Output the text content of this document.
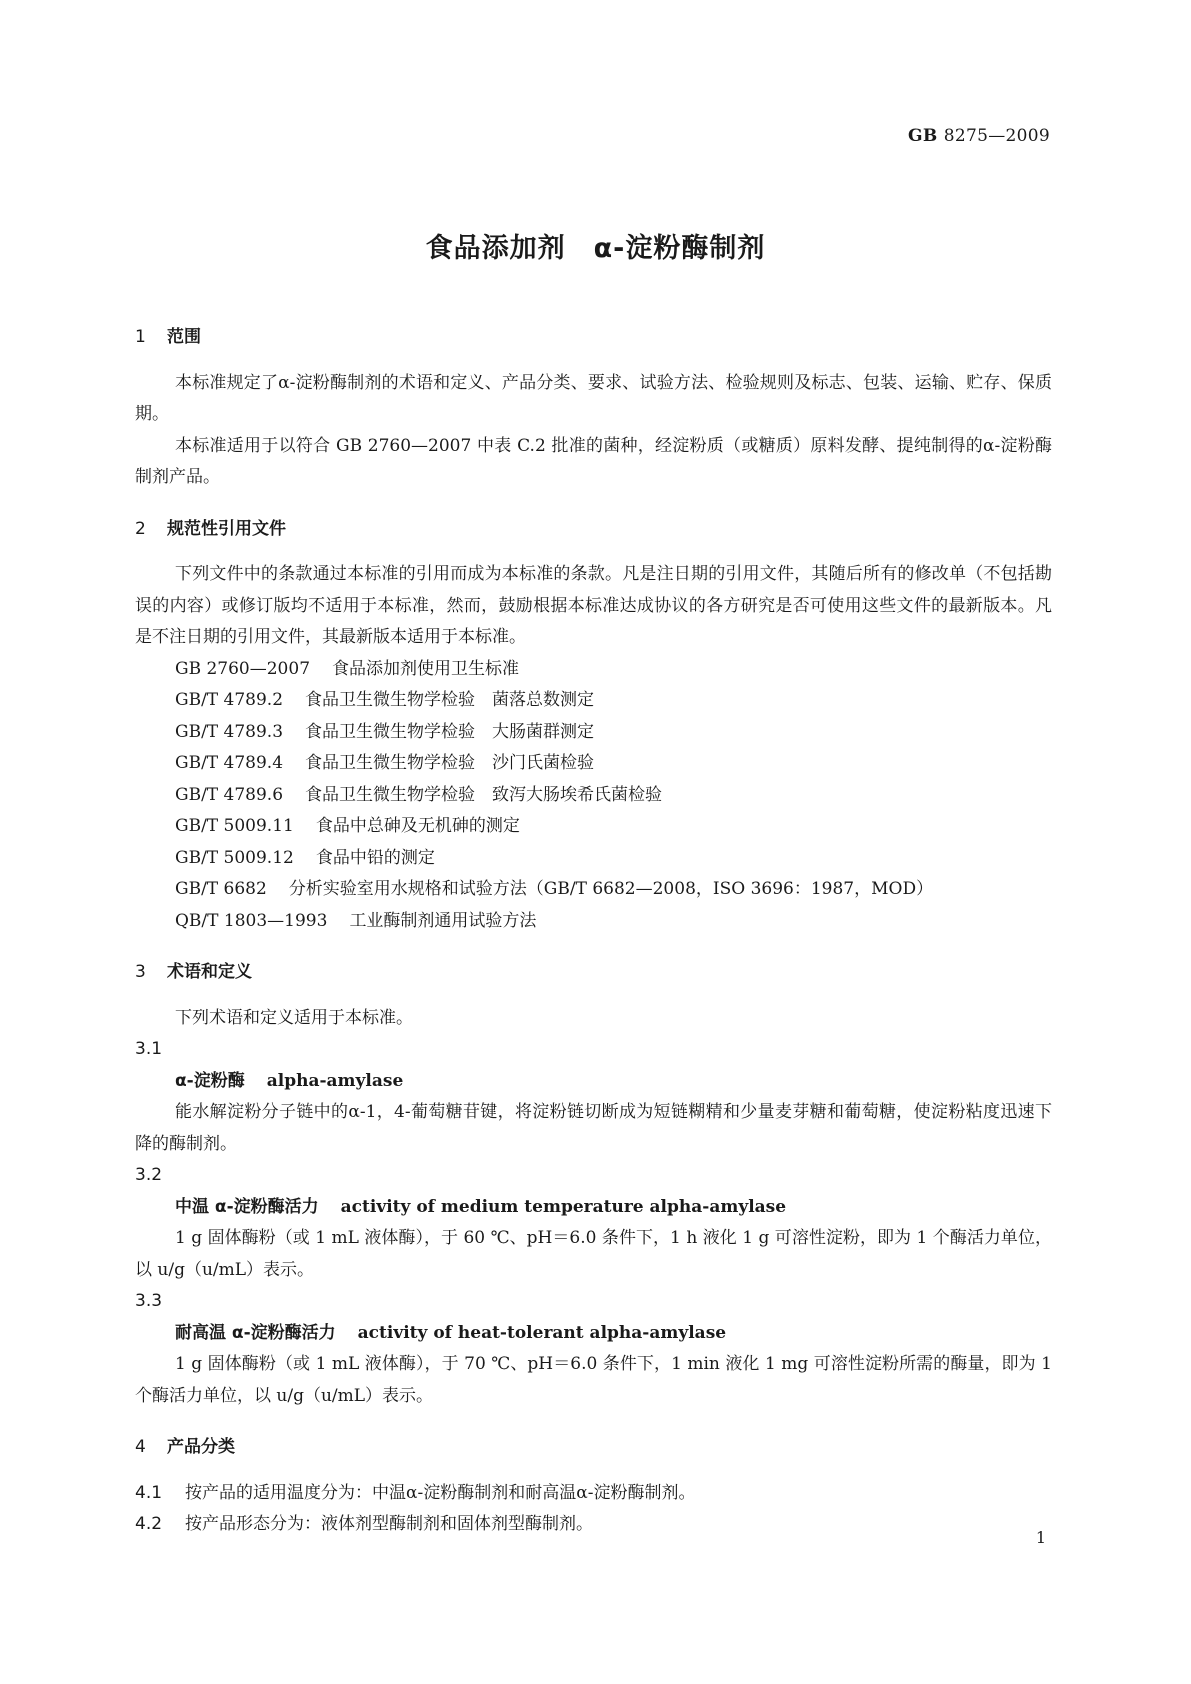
GB 8275—2009
食品添加剂　α-淀粉酶制剂
1 范围
本标准规定了α-淀粉酶制剂的术语和定义、产品分类、要求、试验方法、检验规则及标志、包装、运输、贮存、保质期。
本标准适用于以符合 GB 2760—2007 中表 C.2 批准的菌种，经淀粉质（或糖质）原料发酵、提纯制得的α-淀粉酶制剂产品。
2 规范性引用文件
下列文件中的条款通过本标准的引用而成为本标准的条款。凡是注日期的引用文件，其随后所有的修改单（不包括勘误的内容）或修订版均不适用于本标准，然而，鼓励根据本标准达成协议的各方研究是否可使用这些文件的最新版本。凡是不注日期的引用文件，其最新版本适用于本标准。
GB 2760—2007 食品添加剂使用卫生标准
GB/T 4789.2 食品卫生微生物学检验　菌落总数测定
GB/T 4789.3 食品卫生微生物学检验　大肠菌群测定
GB/T 4789.4 食品卫生微生物学检验　沙门氏菌检验
GB/T 4789.6 食品卫生微生物学检验　致泻大肠埃希氏菌检验
GB/T 5009.11 食品中总砷及无机砷的测定
GB/T 5009.12 食品中铅的测定
GB/T 6682 分析实验室用水规格和试验方法（GB/T 6682—2008，ISO 3696：1987，MOD）
QB/T 1803—1993 工业酶制剂通用试验方法
3 术语和定义
下列术语和定义适用于本标准。
3.1
α-淀粉酶 alpha-amylase
能水解淀粉分子链中的α-1，4-葡萄糖苷键，将淀粉链切断成为短链糊精和少量麦芽糖和葡萄糖，使淀粉粘度迅速下降的酶制剂。
3.2
中温 α-淀粉酶活力 activity of medium temperature alpha-amylase
1 g 固体酶粉（或 1 mL 液体酶），于 60 ℃、pH＝6.0 条件下，1 h 液化 1 g 可溶性淀粉，即为 1 个酶活力单位，以 u/g（u/mL）表示。
3.3
耐高温 α-淀粉酶活力 activity of heat-tolerant alpha-amylase
1 g 固体酶粉（或 1 mL 液体酶），于 70 ℃、pH＝6.0 条件下，1 min 液化 1 mg 可溶性淀粉所需的酶量，即为 1 个酶活力单位，以 u/g（u/mL）表示。
4 产品分类
4.1 按产品的适用温度分为：中温α-淀粉酶制剂和耐高温α-淀粉酶制剂。
4.2 按产品形态分为：液体剂型酶制剂和固体剂型酶制剂。
1
